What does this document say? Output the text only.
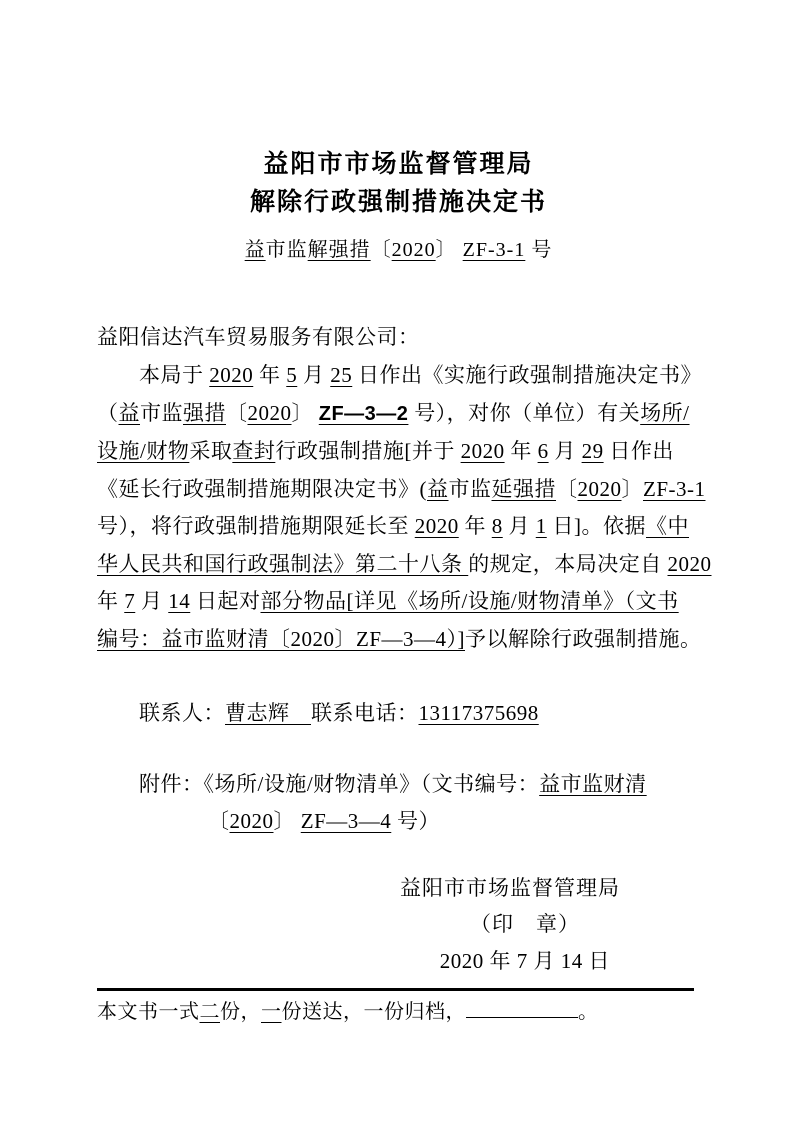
益阳市市场监督管理局
解除行政强制措施决定书
益市监解强措〔2020〕 ZF-3-1 号
益阳信达汽车贸易服务有限公司：
本局于 2020 年 5 月 25 日作出《实施行政强制措施决定书》
（益市监强措〔2020〕 ZF—3—2 号），对你（单位）有关场所/
设施/财物采取查封行政强制措施[并于 2020 年 6 月 29 日作出
《延长行政强制措施期限决定书》(益市监延强措〔2020〕ZF-3-1
号），将行政强制措施期限延长至 2020 年 8 月 1 日]。依据《中
华人民共和国行政强制法》第二十八条 的规定，本局决定自 2020
年 7 月 14 日起对部分物品[详见《场所/设施/财物清单》（文书
编号：益市监财清〔2020〕ZF—3—4）]予以解除行政强制措施。
联系人：曹志辉　联系电话：13117375698
附件：《场所/设施/财物清单》（文书编号：益市监财清
〔2020〕 ZF—3—4 号）
益阳市市场监督管理局
（印　章）
2020 年 7 月 14 日
本文书一式二份，一份送达，一份归档，	。
